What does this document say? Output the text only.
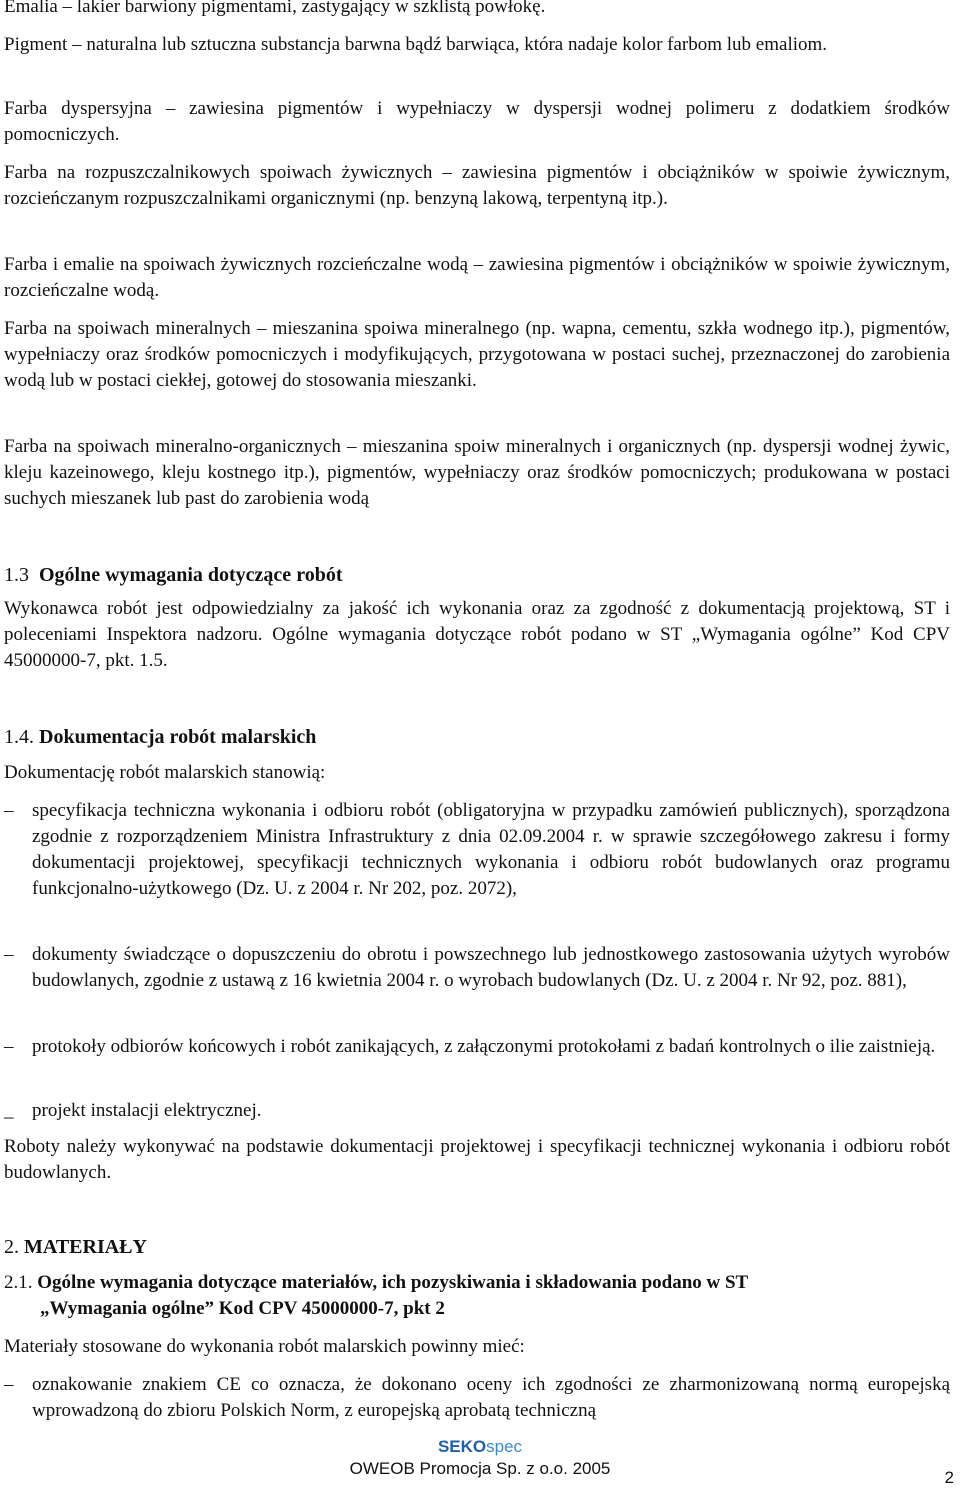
Emalia – lakier barwiony pigmentami, zastygający w szklistą powłokę.

Pigment – naturalna lub sztuczna substancja barwna bądź barwiąca, która nadaje kolor farbom lub emaliom.

Farba dyspersyjna – zawiesina pigmentów i wypełniaczy w dyspersji wodnej polimeru z dodatkiem środków pomocniczych.

Farba na rozpuszczalnikowych spoiwach żywicznych – zawiesina pigmentów i obciążników w spoiwie żywicznym, rozcieńczanym rozpuszczalnikami organicznymi (np. benzyną lakową, terpentyną itp.).

Farba i emalie na spoiwach żywicznych rozcieńczalne wodą – zawiesina pigmentów i obciążników w spoiwie żywicznym, rozcieńczalne wodą.

Farba na spoiwach mineralnych – mieszanina spoiwa mineralnego (np. wapna, cementu, szkła wodnego itp.), pigmentów, wypełniaczy oraz środków pomocniczych i modyfikujących, przygotowana w postaci suchej, przeznaczonej do zarobienia wodą lub w postaci ciekłej, gotowej do stosowania mieszanki.

Farba na spoiwach mineralno-organicznych – mieszanina spoiw mineralnych i organicznych (np. dyspersji wodnej żywic, kleju kazeinowego, kleju kostnego itp.), pigmentów, wypełniaczy oraz środków pomocniczych; produkowana w postaci suchych mieszanek lub past do zarobienia wodą

1.3 Ogólne wymagania dotyczące robót

Wykonawca robót jest odpowiedzialny za jakość ich wykonania oraz za zgodność z dokumentacją projektową, ST i poleceniami Inspektora nadzoru. Ogólne wymagania dotyczące robót podano w ST „Wymagania ogólne” Kod CPV 45000000-7, pkt. 1.5.

1.4. Dokumentacja robót malarskich

Dokumentację robót malarskich stanowią:

– specyfikacja techniczna wykonania i odbioru robót (obligatoryjna w przypadku zamówień publicznych), sporządzona zgodnie z rozporządzeniem Ministra Infrastruktury z dnia 02.09.2004 r. w sprawie szczegółowego zakresu i formy dokumentacji projektowej, specyfikacji technicznych wykonania i odbioru robót budowlanych oraz programu funkcjonalno-użytkowego (Dz. U. z 2004 r. Nr 202, poz. 2072),
– dokumenty świadczące o dopuszczeniu do obrotu i powszechnego lub jednostkowego zastosowania użytych wyrobów budowlanych, zgodnie z ustawą z 16 kwietnia 2004 r. o wyrobach budowlanych (Dz. U. z 2004 r. Nr 92, poz. 881),
– protokoły odbiorów końcowych i robót zanikających, z załączonymi protokołami z badań kontrolnych o ilie zaistnieją.
_ projekt instalacji elektrycznej.

Roboty należy wykonywać na podstawie dokumentacji projektowej i specyfikacji technicznej wykonania i odbioru robót budowlanych.

2. MATERIAŁY
2.1. Ogólne wymagania dotyczące materiałów, ich pozyskiwania i składowania podano w ST
„Wymagania ogólne” Kod CPV 45000000-7, pkt 2

Materiały stosowane do wykonania robót malarskich powinny mieć:

– oznakowanie znakiem CE co oznacza, że dokonano oceny ich zgodności ze zharmonizowaną normą europejską wprowadzoną do zbioru Polskich Norm, z europejską aprobatą techniczną
SEKOspec
OWEOB Promocja Sp. z o.o. 2005	2
